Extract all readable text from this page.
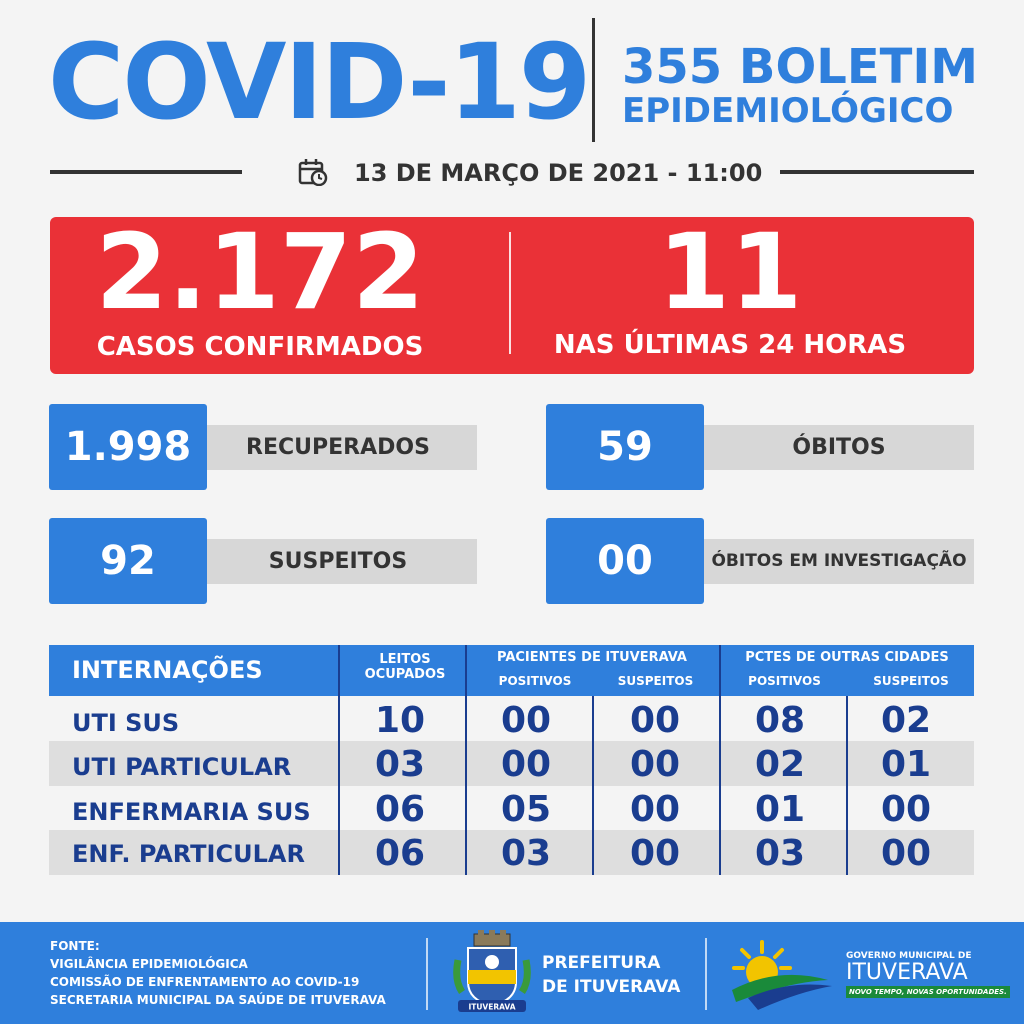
COVID-19 355 BOLETIM
EPIDEMIOLÓGICO
13 DE MARÇO DE 2021 - 11:00
2.172
CASOS CONFIRMADOS
11
NAS ÚLTIMAS 24 HORAS
1.998	RECUPERADOS	59	ÓBITOS
92	SUSPEITOS	00	ÓBITOS EM INVESTIGAÇÃO
INTERNAÇÕES	LEITOS
OCUPADOS
PACIENTES DE ITUVERAVA
POSITIVOS	SUSPEITOS
PCTES DE OUTRAS CIDADES
POSITIVOS	SUSPEITOS
UTI SUS	10	00	00	08	02
UTI PARTICULAR	03	00	00	02	01
ENFERMARIA SUS	06	05	00	01	00
ENF. PARTICULAR	06	03	00	03	00
FONTE:
VIGILÂNCIA EPIDEMIOLÓGICA
COMISSÃO DE ENFRENTAMENTO AO COVID-19
SECRETARIA MUNICIPAL DA SAÚDE DE ITUVERAVA	ITUVERAVA
PREFEITURA
DE ITUVERAVA
GOVERNO MUNICIPAL DE
ITUVERAVA
NOVO TEMPO, NOVAS OPORTUNIDADES.
